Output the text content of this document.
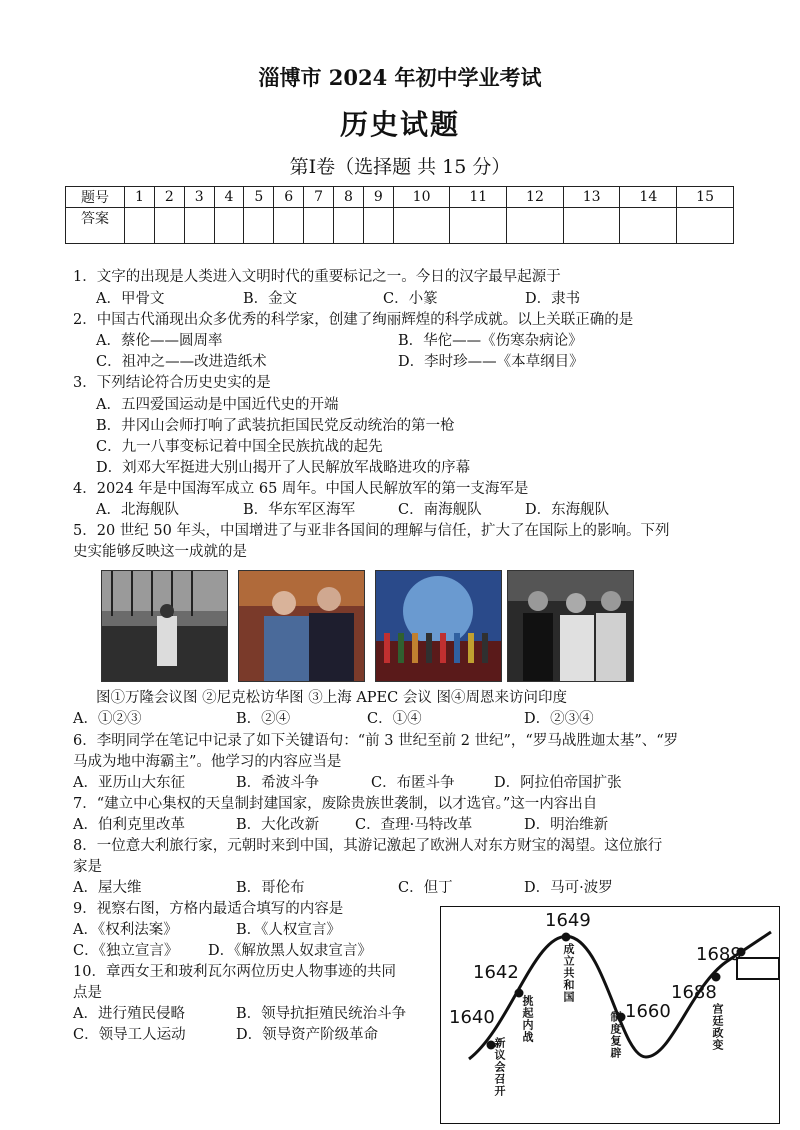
淄博市 2024 年初中学业考试
历史试题
第Ⅰ卷（选择题 共 15 分）
题号	1	2	3	4	5	6	7	8	9	10	11	12	13	14	15
答案															
1．文字的出现是人类进入文明时代的重要标记之一。今日的汉字最早起源于
A．甲骨文	B．金文	C．小篆	D．隶书
2．中国古代涌现出众多优秀的科学家，创建了绚丽辉煌的科学成就。以上关联正确的是
A．蔡伦——圆周率	B．华佗——《伤寒杂病论》
C．祖冲之——改进造纸术	D．李时珍——《本草纲目》
3．下列结论符合历史史实的是
A．五四爱国运动是中国近代史的开端
B．井冈山会师打响了武装抗拒国民党反动统治的第一枪
C．九一八事变标记着中国全民族抗战的起先
D．刘邓大军挺进大别山揭开了人民解放军战略进攻的序幕
4．2024 年是中国海军成立 65 周年。中国人民解放军的第一支海军是
A．北海舰队	B．华东军区海军	C．南海舰队	D．东海舰队
5．20 世纪 50 年头，中国增进了与亚非各国间的理解与信任，扩大了在国际上的影响。下列
史实能够反映这一成就的是
图①万隆会议图 ②尼克松访华图 ③上海 APEC 会议 图④周恩来访问印度
A．①②③	B．②④	C．①④	D．②③④
6．李明同学在笔记中记录了如下关键语句：“前 3 世纪至前 2 世纪”，“罗马战胜迦太基”、“罗
马成为地中海霸主”。他学习的内容应当是
A．亚历山大东征	B．希波斗争	C．布匿斗争	D．阿拉伯帝国扩张
7．“建立中心集权的天皇制封建国家，废除贵族世袭制，以才选官。”这一内容出自
A．伯利克里改革	B．大化改新 C．查理·马特改革	D．明治维新
8．一位意大利旅行家，元朝时来到中国，其游记激起了欧洲人对东方财宝的渴望。这位旅行
家是
A．屋大维	B．哥伦布	C．但丁	D．马可·波罗
9．视察右图，方格内最适合填写的内容是
A．《权利法案》	B．《人权宣言》
C．《独立宣言》 D．《解放黑人奴隶宣言》
10．章西女王和玻利瓦尔两位历史人物事迹的共同
点是
A．进行殖民侵略	B．领导抗拒殖民统治斗争
C．领导工人运动	D．领导资产阶级革命
1640
1642
1649
1660
1688
1689
新议会召开
挑起内战
成立共和国
制度复辟	宫廷政变
